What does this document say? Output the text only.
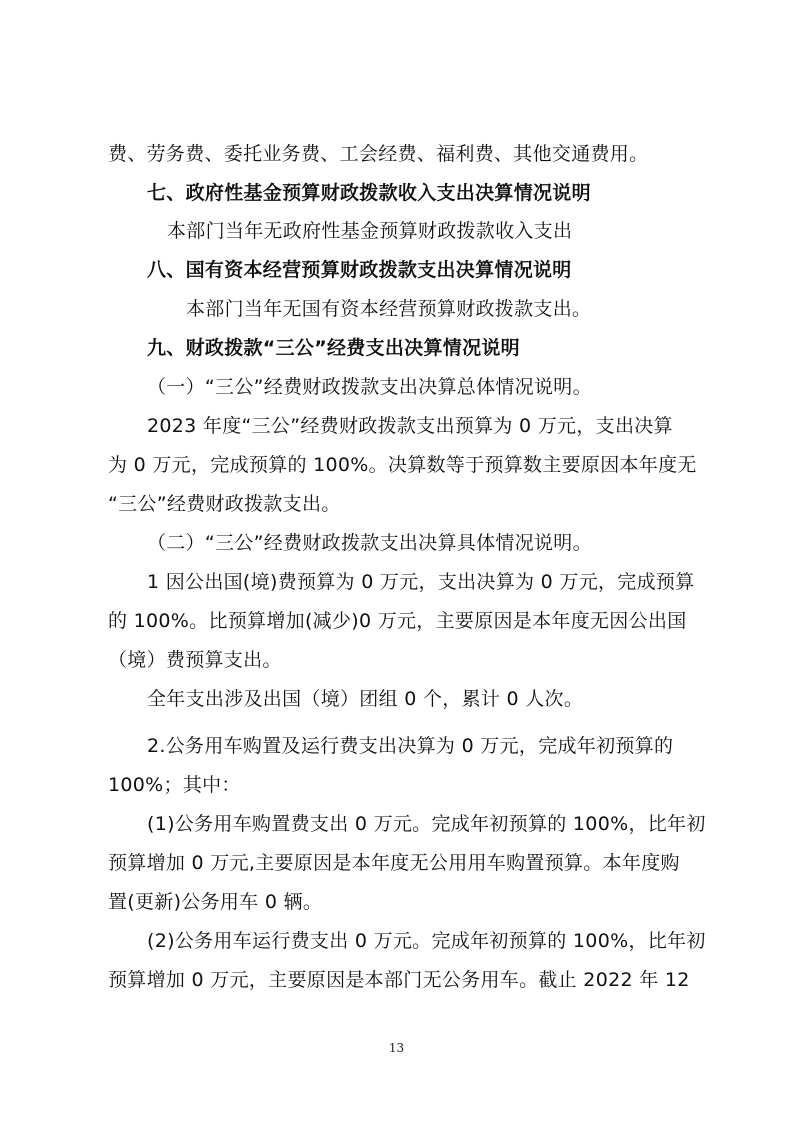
费、劳务费、委托业务费、工会经费、福利费、其他交通费用。
七、政府性基金预算财政拨款收入支出决算情况说明
本部门当年无政府性基金预算财政拨款收入支出
八、国有资本经营预算财政拨款支出决算情况说明
本部门当年无国有资本经营预算财政拨款支出。
九、财政拨款“三公”经费支出决算情况说明
（一）“三公”经费财政拨款支出决算总体情况说明。
2023 年度“三公”经费财政拨款支出预算为 0 万元，支出决算
为 0 万元，完成预算的 100%。决算数等于预算数主要原因本年度无
“三公”经费财政拨款支出。
（二）“三公”经费财政拨款支出决算具体情况说明。
1 因公出国(境)费预算为 0 万元，支出决算为 0 万元，完成预算
的 100%。比预算增加(减少)0 万元，主要原因是本年度无因公出国
（境）费预算支出。
全年支出涉及出国（境）团组 0 个，累计 0 人次。
2.公务用车购置及运行费支出决算为 0 万元，完成年初预算的
100%；其中：
(1)公务用车购置费支出 0 万元。完成年初预算的 100%，比年初
预算增加 0 万元,主要原因是本年度无公用用车购置预算。本年度购
置(更新)公务用车 0 辆。
(2)公务用车运行费支出 0 万元。完成年初预算的 100%，比年初
预算增加 0 万元，主要原因是本部门无公务用车。截止 2022 年 12
13
